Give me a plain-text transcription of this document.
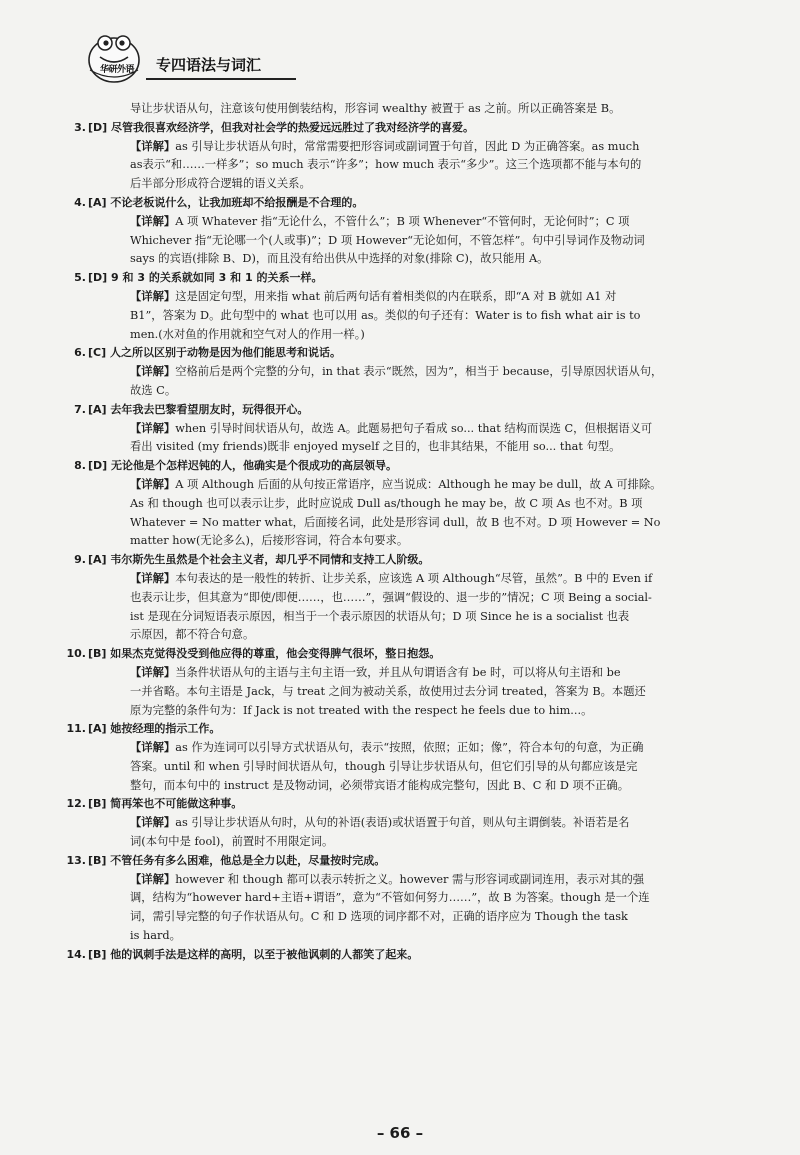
华研外语	专四语法与词汇
导让步状语从句，注意该句使用倒装结构，形容词 wealthy 被置于 as 之前。所以正确答案是 B。
3. [D] 尽管我很喜欢经济学，但我对社会学的热爱远远胜过了我对经济学的喜爱。
【详解】as 引导让步状语从句时，常常需要把形容词或副词置于句首，因此 D 为正确答案。as much
as表示“和……一样多”；so much 表示“许多”；how much 表示“多少”。这三个选项都不能与本句的
后半部分形成符合逻辑的语义关系。
4. [A] 不论老板说什么，让我加班却不给报酬是不合理的。
【详解】A 项 Whatever 指“无论什么，不管什么”；B 项 Whenever“不管何时，无论何时”；C 项
Whichever 指“无论哪一个(人或事)”；D 项 However“无论如何，不管怎样”。句中引导词作及物动词
says 的宾语(排除 B、D)，而且没有给出供从中选择的对象(排除 C)，故只能用 A。
5. [D] 9 和 3 的关系就如同 3 和 1 的关系一样。
【详解】这是固定句型，用来指 what 前后两句话有着相类似的内在联系，即“A 对 B 就如 A1 对
B1”，答案为 D。此句型中的 what 也可以用 as。类似的句子还有：Water is to fish what air is to
men.(水对鱼的作用就和空气对人的作用一样。)
6. [C] 人之所以区别于动物是因为他们能思考和说话。
【详解】空格前后是两个完整的分句，in that 表示“既然，因为”，相当于 because，引导原因状语从句，
故选 C。
7. [A] 去年我去巴黎看望朋友时，玩得很开心。
【详解】when 引导时间状语从句，故选 A。此题易把句子看成 so... that 结构而误选 C，但根据语义可
看出 visited (my friends)既非 enjoyed myself 之目的，也非其结果，不能用 so... that 句型。
8. [D] 无论他是个怎样迟钝的人，他确实是个很成功的高层领导。
【详解】A 项 Although 后面的从句按正常语序，应当说成：Although he may be dull，故 A 可排除。
As 和 though 也可以表示让步，此时应说成 Dull as/though he may be，故 C 项 As 也不对。B 项
Whatever = No matter what，后面接名词，此处是形容词 dull，故 B 也不对。D 项 However = No
matter how(无论多么)，后接形容词，符合本句要求。
9. [A] 韦尔斯先生虽然是个社会主义者，却几乎不同情和支持工人阶级。
【详解】本句表达的是一般性的转折、让步关系，应该选 A 项 Although“尽管，虽然”。B 中的 Even if
也表示让步，但其意为“即使/即便……，也……”，强调“假设的、退一步的”情况；C 项 Being a social-
ist 是现在分词短语表示原因，相当于一个表示原因的状语从句；D 项 Since he is a socialist 也表
示原因，都不符合句意。
10. [B] 如果杰克觉得没受到他应得的尊重，他会变得脾气很坏，整日抱怨。
【详解】当条件状语从句的主语与主句主语一致，并且从句谓语含有 be 时，可以将从句主语和 be
一并省略。本句主语是 Jack，与 treat 之间为被动关系，故使用过去分词 treated，答案为 B。本题还
原为完整的条件句为：If Jack is not treated with the respect he feels due to him...。
11. [A] 她按经理的指示工作。
【详解】as 作为连词可以引导方式状语从句，表示“按照，依照；正如；像”，符合本句的句意，为正确
答案。until 和 when 引导时间状语从句，though 引导让步状语从句，但它们引导的从句都应该是完
整句，而本句中的 instruct 是及物动词，必须带宾语才能构成完整句，因此 B、C 和 D 项不正确。
12. [B] 简再笨也不可能做这种事。
【详解】as 引导让步状语从句时，从句的补语(表语)或状语置于句首，则从句主谓倒装。补语若是名
词(本句中是 fool)，前置时不用限定词。
13. [B] 不管任务有多么困难，他总是全力以赴，尽量按时完成。
【详解】however 和 though 都可以表示转折之义。however 需与形容词或副词连用，表示对其的强
调，结构为“however hard+主语+谓语”，意为“不管如何努力……”，故 B 为答案。though 是一个连
词，需引导完整的句子作状语从句。C 和 D 选项的词序都不对，正确的语序应为 Though the task
is hard。
14. [B] 他的讽刺手法是这样的高明，以至于被他讽刺的人都笑了起来。
– 66 –
